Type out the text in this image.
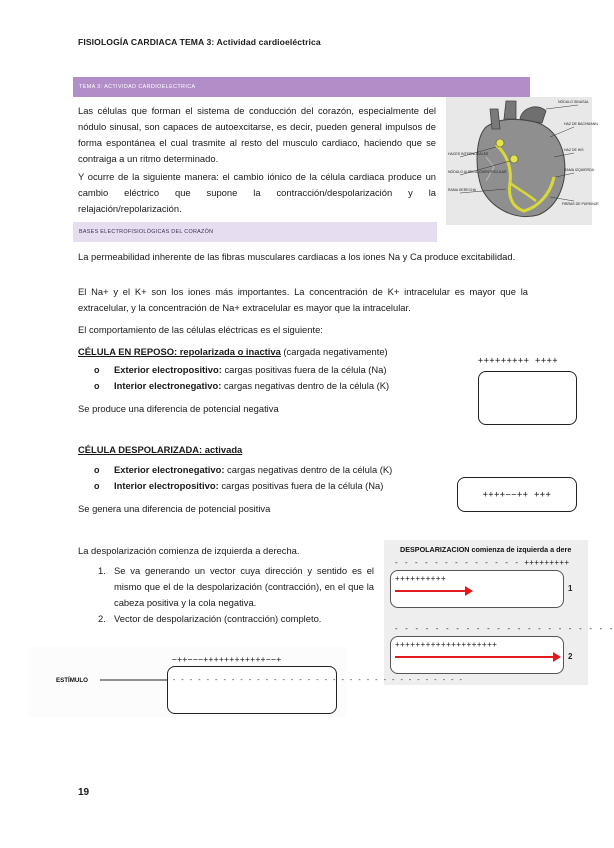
FISIOLOGÍA CARDIACA TEMA 3: Actividad cardioeléctrica
TEMA 3: ACTIVIDAD CARDIOELECTRICA
Las células que forman el sistema de conducción del corazón, especialmente del nódulo sinusal, son capaces de autoexcitarse, es decir, pueden general impulsos de forma espontánea el cual trasmite al resto del musculo cardiaco, haciendo que se contraiga a un ritmo determinado.
Y ocurre de la siguiente manera: el cambio iónico de la célula cardiaca produce un cambio eléctrico que supone la contracción/despolarización y la relajación/repolarización.
NÓDULO SINUSAL
HAZ DE BACHMANN
HACES INTERNODALES
NÓDULO AURICULOVENTRICULAR
HAZ DE HIS
RAMA IZQUIERDA
RAMA DERECHA
FIBRAS DE PURKINJE
BASES ELECTROFISIOLÓGICAS DEL CORAZÓN
La permeabilidad inherente de las fibras musculares cardiacas a los iones Na y Ca produce excitabilidad.
El Na+ y el K+ son los iones más importantes. La concentración de K+ intracelular es mayor que la extracelular, y la concentración de Na+ extracelular es mayor que la intracelular.
El comportamiento de las células eléctricas es el siguiente:
CÉLULA EN REPOSO: repolarizada o inactiva (cargada negativamente)
o Exterior electropositivo: cargas positivas fuera de la célula (Na)
o Interior electronegativo: cargas negativas dentro de la célula (K)
Se produce una diferencia de potencial negativa
+++++++++ ++++
CÉLULA DESPOLARIZADA: activada
o Exterior electronegativo: cargas negativas dentro de la célula (K)
o Interior electropositivo: cargas positivas fuera de la célula (Na)
Se genera una diferencia de potencial positiva
++++−−++ +++
La despolarización comienza de izquierda a derecha.
1. Se va generando un vector cuya dirección y sentido es el mismo que el de la despolarización (contracción), en el que la cabeza positiva y la cola negativa.
2. Vector de despolarización (contracción) completo.
DESPOLARIZACION comienza de izquierda a dere
- - - - - - - - - - - - - +++++++++
++++++++++
1
- - - - - - - - - - - - - - - - - - - - - -
++++++++++++++++++++
2
ESTÍMULO
−++−−−++++++++++++−−+
- - - - - - - - - - - - - - - - - - - - - - - - - - - - - - - - - - -
19
